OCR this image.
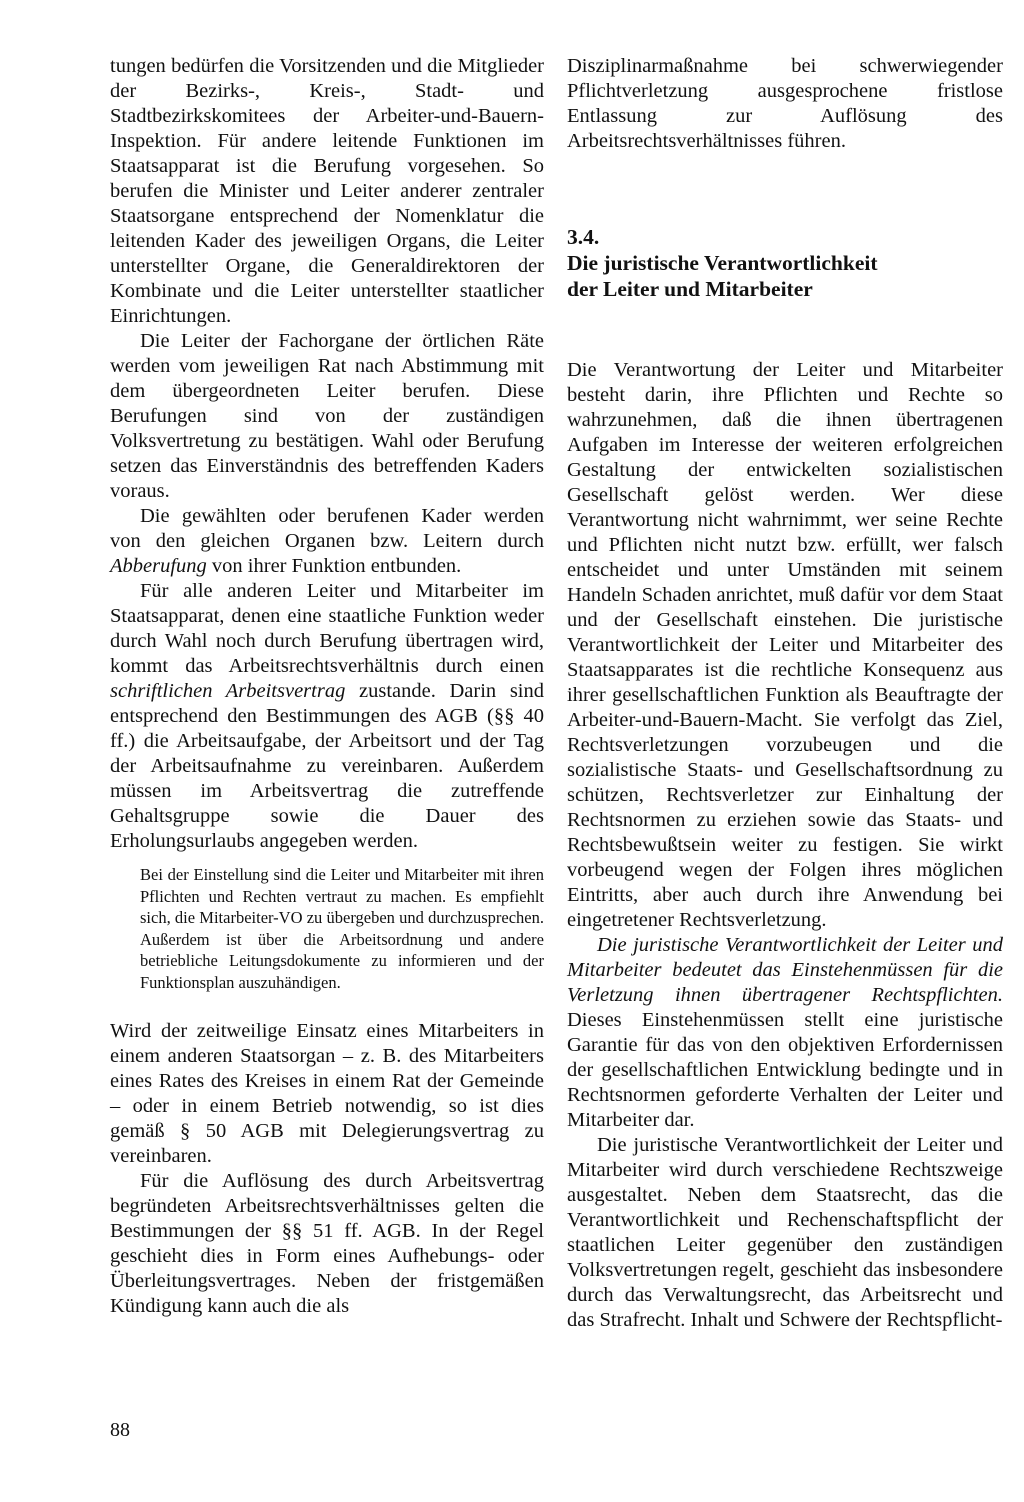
tungen bedürfen die Vorsitzenden und die Mitglieder der Bezirks-, Kreis-, Stadt- und Stadtbezirkskomitees der Arbeiter-und-Bauern-Inspektion. Für andere leitende Funktionen im Staatsapparat ist die Berufung vorgesehen. So berufen die Minister und Leiter anderer zentraler Staatsorgane entsprechend der Nomenklatur die leitenden Kader des jeweiligen Organs, die Leiter unterstellter Organe, die Generaldirektoren der Kombinate und die Leiter unterstellter staatlicher Einrichtungen.

Die Leiter der Fachorgane der örtlichen Räte werden vom jeweiligen Rat nach Abstimmung mit dem übergeordneten Leiter berufen. Diese Berufungen sind von der zuständigen Volksvertretung zu bestätigen. Wahl oder Berufung setzen das Einverständnis des betreffenden Kaders voraus.

Die gewählten oder berufenen Kader werden von den gleichen Organen bzw. Leitern durch Abberufung von ihrer Funktion entbunden.

Für alle anderen Leiter und Mitarbeiter im Staatsapparat, denen eine staatliche Funktion weder durch Wahl noch durch Berufung übertragen wird, kommt das Arbeitsrechtsverhältnis durch einen schriftlichen Arbeitsvertrag zustande. Darin sind entsprechend den Bestimmungen des AGB (§§ 40 ff.) die Arbeitsaufgabe, der Arbeitsort und der Tag der Arbeitsaufnahme zu vereinbaren. Außerdem müssen im Arbeitsvertrag die zutreffende Gehaltsgruppe sowie die Dauer des Erholungsurlaubs angegeben werden.

Bei der Einstellung sind die Leiter und Mitarbeiter mit ihren Pflichten und Rechten vertraut zu machen. Es empfiehlt sich, die Mitarbeiter-VO zu übergeben und durchzusprechen. Außerdem ist über die Arbeitsordnung und andere betriebliche Leitungsdokumente zu informieren und der Funktionsplan auszuhändigen.

Wird der zeitweilige Einsatz eines Mitarbeiters in einem anderen Staatsorgan – z. B. des Mitarbeiters eines Rates des Kreises in einem Rat der Gemeinde – oder in einem Betrieb notwendig, so ist dies gemäß § 50 AGB mit Delegierungsvertrag zu vereinbaren.

Für die Auflösung des durch Arbeitsvertrag begründeten Arbeitsrechtsverhältnisses gelten die Bestimmungen der §§ 51 ff. AGB. In der Regel geschieht dies in Form eines Aufhebungs- oder Überleitungsvertrages. Neben der fristgemäßen Kündigung kann auch die als

Disziplinarmaßnahme bei schwerwiegender Pflichtverletzung ausgesprochene fristlose Entlassung zur Auflösung des Arbeitsrechtsverhältnisses führen.

3.4.
Die juristische Verantwortlichkeit
der Leiter und Mitarbeiter

Die Verantwortung der Leiter und Mitarbeiter besteht darin, ihre Pflichten und Rechte so wahrzunehmen, daß die ihnen übertragenen Aufgaben im Interesse der weiteren erfolgreichen Gestaltung der entwickelten sozialistischen Gesellschaft gelöst werden. Wer diese Verantwortung nicht wahrnimmt, wer seine Rechte und Pflichten nicht nutzt bzw. erfüllt, wer falsch entscheidet und unter Umständen mit seinem Handeln Schaden anrichtet, muß dafür vor dem Staat und der Gesellschaft einstehen. Die juristische Verantwortlichkeit der Leiter und Mitarbeiter des Staatsapparates ist die rechtliche Konsequenz aus ihrer gesellschaftlichen Funktion als Beauftragte der Arbeiter-und-Bauern-Macht. Sie verfolgt das Ziel, Rechtsverletzungen vorzubeugen und die sozialistische Staats- und Gesellschaftsordnung zu schützen, Rechtsverletzer zur Einhaltung der Rechtsnormen zu erziehen sowie das Staats- und Rechtsbewußtsein weiter zu festigen. Sie wirkt vorbeugend wegen der Folgen ihres möglichen Eintritts, aber auch durch ihre Anwendung bei eingetretener Rechtsverletzung.

Die juristische Verantwortlichkeit der Leiter und Mitarbeiter bedeutet das Einstehenmüssen für die Verletzung ihnen übertragener Rechtspflichten. Dieses Einstehenmüssen stellt eine juristische Garantie für das von den objektiven Erfordernissen der gesellschaftlichen Entwicklung bedingte und in Rechtsnormen geforderte Verhalten der Leiter und Mitarbeiter dar.

Die juristische Verantwortlichkeit der Leiter und Mitarbeiter wird durch verschiedene Rechtszweige ausgestaltet. Neben dem Staatsrecht, das die Verantwortlichkeit und Rechenschaftspflicht der staatlichen Leiter gegenüber den zuständigen Volksvertretungen regelt, geschieht das insbesondere durch das Verwaltungsrecht, das Arbeitsrecht und das Strafrecht. Inhalt und Schwere der Rechtspflicht-

88
